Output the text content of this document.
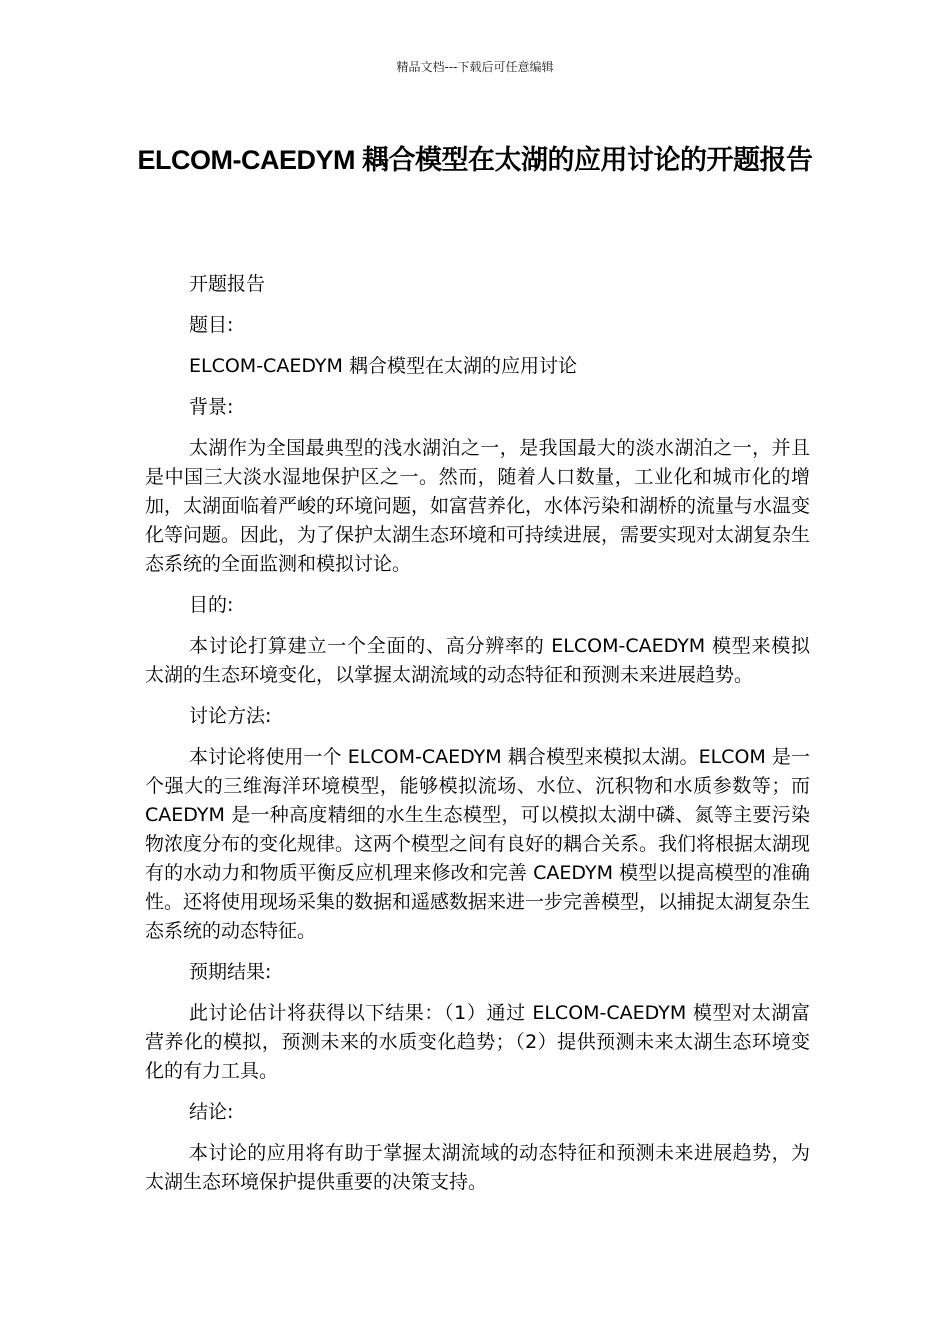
精品文档---下载后可任意编辑
ELCOM-CAEDYM 耦合模型在太湖的应用讨论的开题报告

开题报告

题目:

ELCOM-CAEDYM 耦合模型在太湖的应用讨论

背景:

太湖作为全国最典型的浅水湖泊之一，是我国最大的淡水湖泊之一，并且是中国三大淡水湿地保护区之一。然而，随着人口数量，工业化和城市化的增加，太湖面临着严峻的环境问题，如富营养化，水体污染和湖桥的流量与水温变化等问题。因此，为了保护太湖生态环境和可持续进展，需要实现对太湖复杂生态系统的全面监测和模拟讨论。

目的:

本讨论打算建立一个全面的、高分辨率的 ELCOM-CAEDYM 模型来模拟太湖的生态环境变化，以掌握太湖流域的动态特征和预测未来进展趋势。

讨论方法:

本讨论将使用一个 ELCOM-CAEDYM 耦合模型来模拟太湖。ELCOM 是一个强大的三维海洋环境模型，能够模拟流场、水位、沉积物和水质参数等；而 CAEDYM 是一种高度精细的水生生态模型，可以模拟太湖中磷、氮等主要污染物浓度分布的变化规律。这两个模型之间有良好的耦合关系。我们将根据太湖现有的水动力和物质平衡反应机理来修改和完善 CAEDYM 模型以提高模型的准确性。还将使用现场采集的数据和遥感数据来进一步完善模型，以捕捉太湖复杂生态系统的动态特征。

预期结果:

此讨论估计将获得以下结果：（1）通过 ELCOM-CAEDYM 模型对太湖富营养化的模拟，预测未来的水质变化趋势；（2）提供预测未来太湖生态环境变化的有力工具。

结论:

本讨论的应用将有助于掌握太湖流域的动态特征和预测未来进展趋势，为太湖生态环境保护提供重要的决策支持。
